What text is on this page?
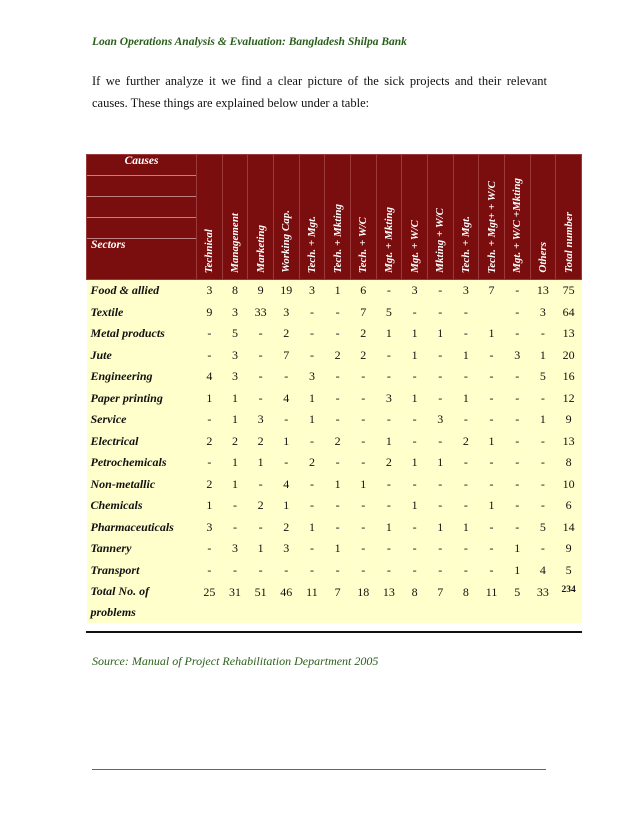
Loan Operations Analysis & Evaluation: Bangladesh Shilpa Bank
If we further analyze it we find a clear picture of the sick projects and their relevant causes. These things are explained below under a table:
Causes
Sectors	Technical	Management	Marketing	Working Cap.	Tech. + Mgt.	Tech. + Mkting	Tech. + W/C	Mgt. + Mkting	Mgt. + W/C	Mkting + W/C	Tech. + Mgt.	Tech. + Mgt+ + W/C	Mgt. + W/C +Mkting	Others	Total number

Food & allied	3	8	9	19	3	1	6	-	3	-	3	7	-	13	75
Textile	9	3	33	3	-	-	7	5	-	-	-		-	3	64
Metal products	-	5	-	2	-	-	2	1	1	1	-	1	-	-	13
Jute	-	3	-	7	-	2	2	-	1	-	1	-	3	1	20
Engineering	4	3	-	-	3	-	-	-	-	-	-	-	-	5	16
Paper printing	1	1	-	4	1	-	-	3	1	-	1	-	-	-	12
Service	-	1	3	-	1	-	-	-	-	3	-	-	-	1	9
Electrical	2	2	2	1	-	2	-	1	-	-	2	1	-	-	13
Petrochemicals	-	1	1	-	2	-	-	2	1	1	-	-	-	-	8
Non-metallic	2	1	-	4	-	1	1	-	-	-	-	-	-	-	10
Chemicals	1	-	2	1	-	-	-	-	1	-	-	1	-	-	6
Pharmaceuticals	3	-	-	2	1	-	-	1	-	1	1	-	-	5	14
Tannery	-	3	1	3	-	1	-	-	-	-	-	-	1	-	9
Transport	-	-	-	-	-	-	-	-	-	-	-	-	1	4	5
Total No. of problems	25	31	51	46	11	7	18	13	8	7	8	11	5	33	234
Source: Manual of Project Rehabilitation Department 2005
